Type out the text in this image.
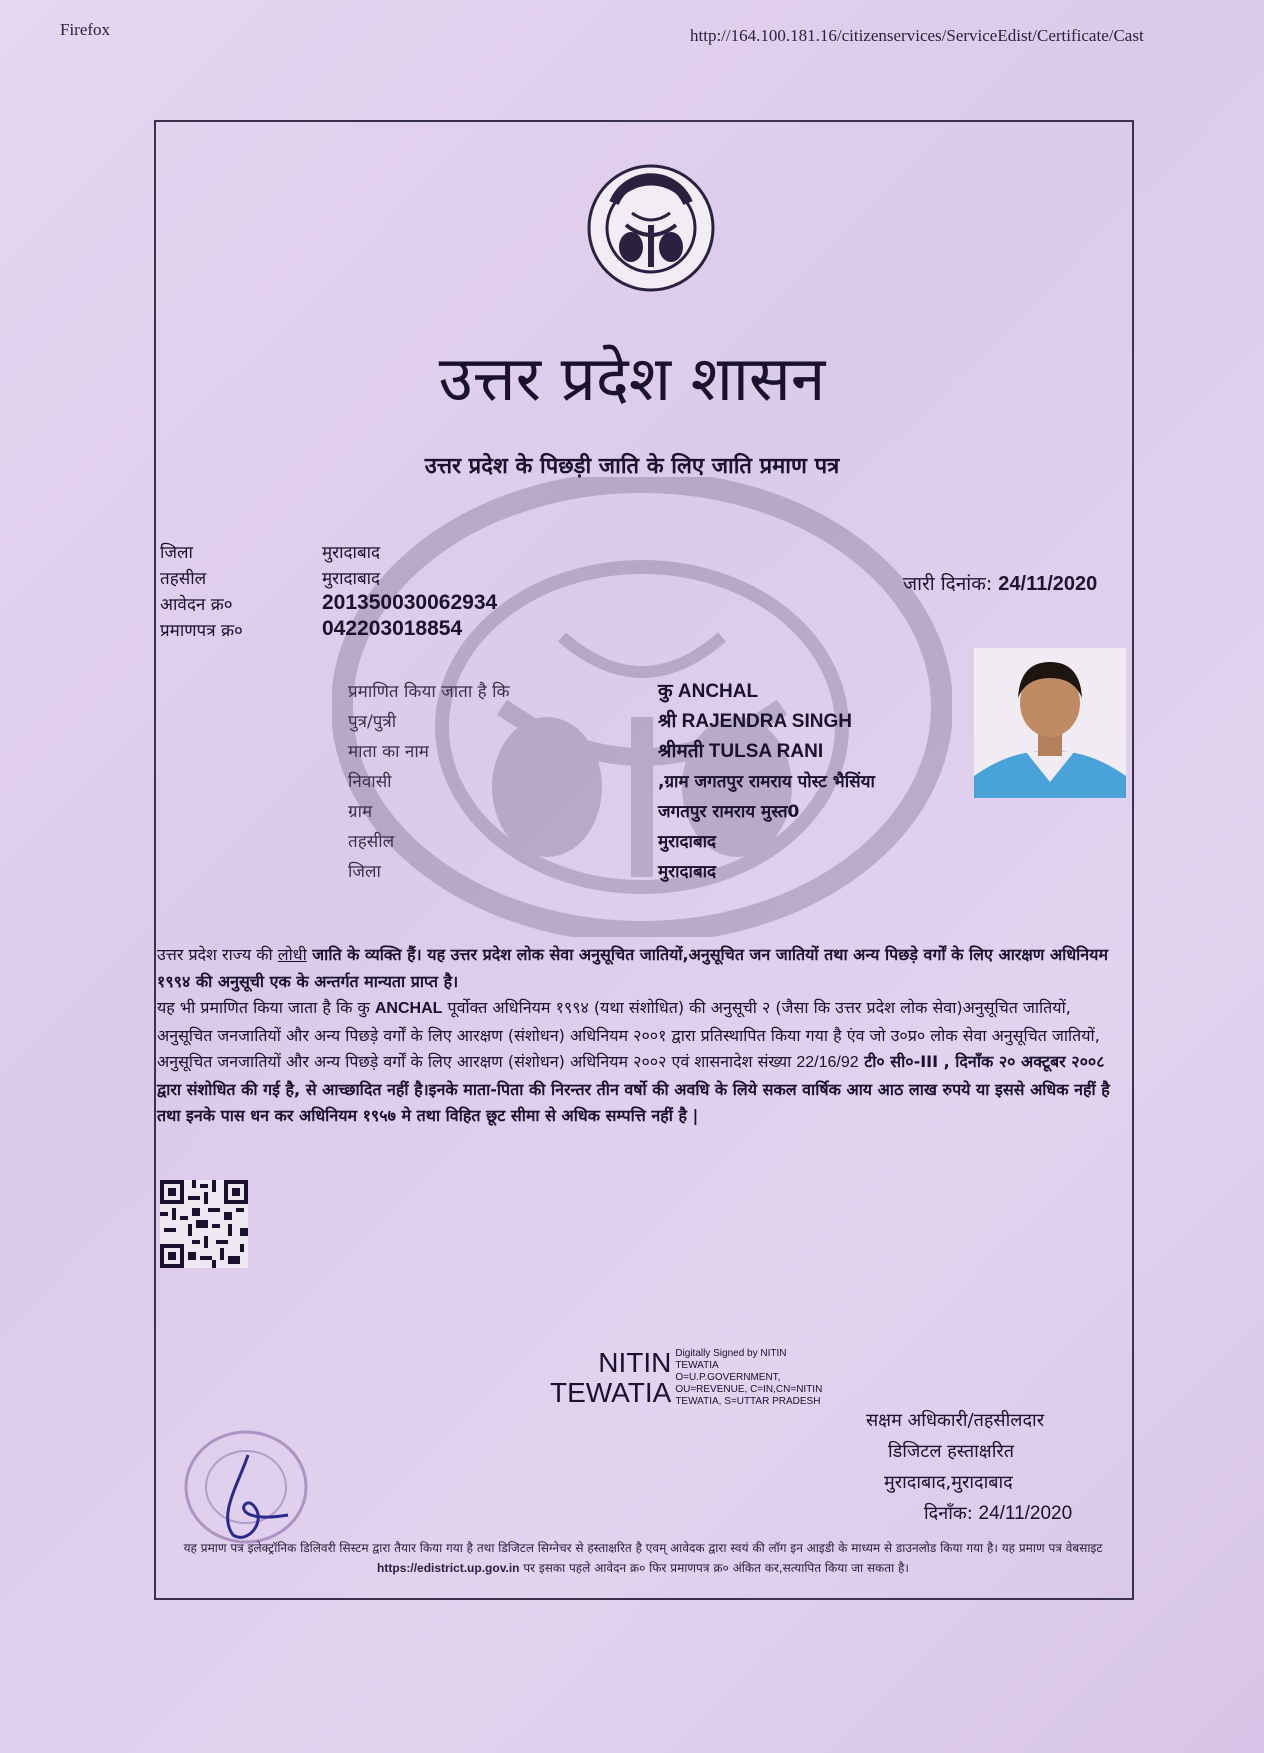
Firefox	http://164.100.181.16/citizenservices/ServiceEdist/Certificate/Cast
उत्तर प्रदेश शासन
उत्तर प्रदेश के पिछड़ी जाति के लिए जाति प्रमाण पत्र
जिला	मुरादाबाद
तहसील	मुरादाबाद
आवेदन क्र०	20135003006293​4
प्रमाणपत्र क्र०	042203018854
जारी दिनांक: 24/11/2020
प्रमाणित किया जाता है कि	कु ANCHAL
पुत्र/पुत्री	श्री RAJENDRA SINGH
माता का नाम	श्रीमती TULSA RANI
निवासी	,ग्राम जगतपुर रामराय पोस्ट भैसिंया
ग्राम	जगतपुर रामराय मुस्त0
तहसील	मुरादाबाद
जिला	मुरादाबाद

उत्तर प्रदेश राज्य की लोधी जाति के व्यक्ति हैं। यह उत्तर प्रदेश लोक सेवा अनुसूचित जातियों,अनुसूचित जन जातियों तथा अन्य पिछड़े वर्गों के लिए आरक्षण अधिनियम १९९४ की अनुसूची एक के अन्तर्गत मान्यता प्राप्त है।

यह भी प्रमाणित किया जाता है कि कु ANCHAL पूर्वोक्त अधिनियम १९९४ (यथा संशोधित) की अनुसूची २ (जैसा कि उत्तर प्रदेश लोक सेवा)अनुसूचित जातियों, अनुसूचित जनजातियों और अन्य पिछड़े वर्गों के लिए आरक्षण (संशोधन) अधिनियम २००१ द्वारा प्रतिस्थापित किया गया है एंव जो उ०प्र० लोक सेवा अनुसूचित जातियों, अनुसूचित जनजातियों और अन्य पिछड़े वर्गों के लिए आरक्षण (संशोधन) अधिनियम २००२ एवं शासनादेश संख्या 22/16/92 टी० सी०-III , दिनाँक २० अक्टूबर २००८ द्वारा संशोधित की गई है, से आच्छादित नहीं है।इनके माता-पिता की निरन्तर तीन वर्षो की अवधि के लिये सकल वार्षिक आय आठ लाख रुपये या इससे अधिक नहीं है तथा इनके पास धन कर अधिनियम १९५७ मे तथा विहित छूट सीमा से अधिक सम्पत्ति नहीं है |

NITIN
TEWATIA
Digitally Signed by NITIN TEWATIA O=U.P.GOVERNMENT, OU=REVENUE, C=IN,CN=NITIN TEWATIA, S=UTTAR PRADESH
सक्षम अधिकारी/तहसीलदार
डिजिटल हस्ताक्षरित
मुरादाबाद,मुरादाबाद
दिनाँक: 24/11/2020
यह प्रमाण पत्र इलेक्ट्रॉनिक डिलिवरी सिस्टम द्वारा तैयार किया गया है तथा डिजिटल सिग्नेचर से हस्ताक्षरित है एवम् आवेदक द्वारा स्वयं की लॉग इन आइडी के माध्यम से डाउनलोड किया गया है। यह प्रमाण पत्र वेबसाइट https://edistrict.up.gov.in पर इसका पहले आवेदन क्र० फिर प्रमाणपत्र क्र० अंकित कर,सत्यापित किया जा सकता है।
